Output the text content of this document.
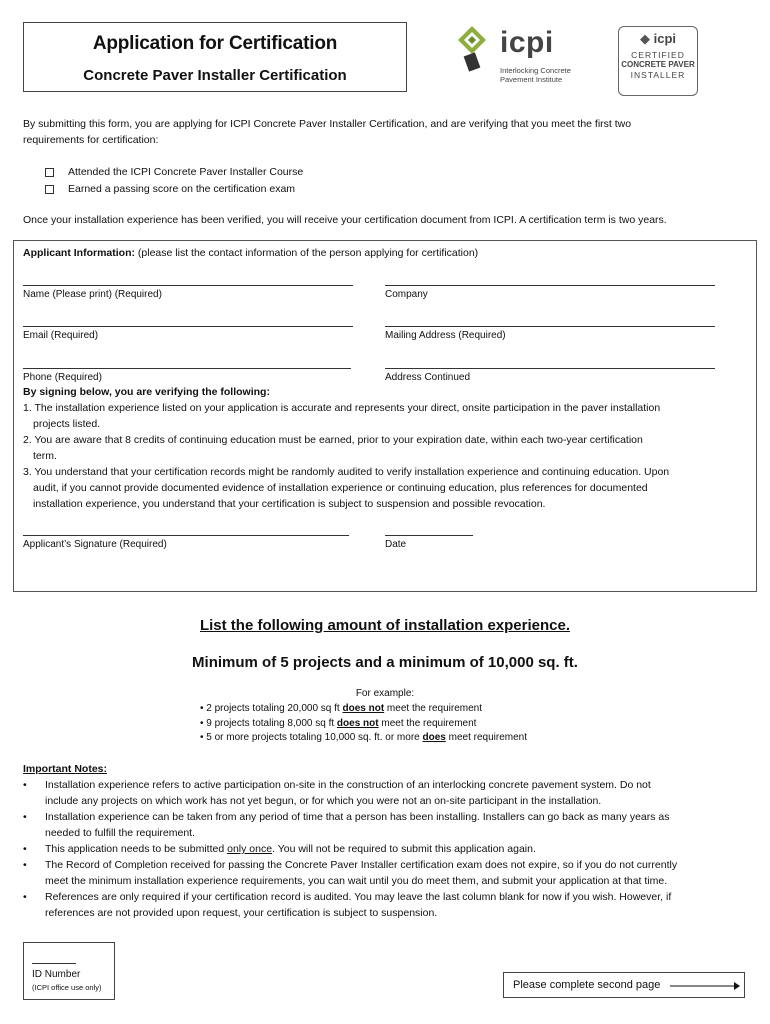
Application for Certification
Concrete Paver Installer Certification
icpi
Interlocking Concrete
Pavement Institute
◆ icpi
CERTIFIED
CONCRETE PAVER
INSTALLER
By submitting this form, you are applying for ICPI Concrete Paver Installer Certification, and are verifying that you meet the first two
requirements for certification:
Attended the ICPI Concrete Paver Installer Course
Earned a passing score on the certification exam
Once your installation experience has been verified, you will receive your certification document from ICPI. A certification term is two years.
Applicant Information: (please list the contact information of the person applying for certification)
Name (Please print) (Required)	Company
Email (Required)	Mailing Address (Required)
Phone (Required)	Address Continued
By signing below, you are verifying the following:
1. The installation experience listed on your application is accurate and represents your direct, onsite participation in the paver installation
projects listed.
2. You are aware that 8 credits of continuing education must be earned, prior to your expiration date, within each two-year certification
term.
3. You understand that your certification records might be randomly audited to verify installation experience and continuing education. Upon
audit, if you cannot provide documented evidence of installation experience or continuing education, plus references for documented
installation experience, you understand that your certification is subject to suspension and possible revocation.
Applicant’s Signature (Required)	Date
List the following amount of installation experience.
Minimum of 5 projects and a minimum of 10,000 sq. ft.
For example:
• 2 projects totaling 20,000 sq ft does not meet the requirement
• 9 projects totaling 8,000 sq ft does not meet the requirement
• 5 or more projects totaling 10,000 sq. ft. or more does meet requirement
Important Notes:
• Installation experience refers to active participation on-site in the construction of an interlocking concrete pavement system. Do not
include any projects on which work has not yet begun, or for which you were not an on-site participant in the installation.
• Installation experience can be taken from any period of time that a person has been installing. Installers can go back as many years as
needed to fulfill the requirement.
• This application needs to be submitted only once. You will not be required to submit this application again.
• The Record of Completion received for passing the Concrete Paver Installer certification exam does not expire, so if you do not currently
meet the minimum installation experience requirements, you can wait until you do meet them, and submit your application at that time.
• References are only required if your certification record is audited. You may leave the last column blank for now if you wish. However, if
references are not provided upon request, your certification is subject to suspension.
ID Number
(ICPI office use only)	Please complete second page
